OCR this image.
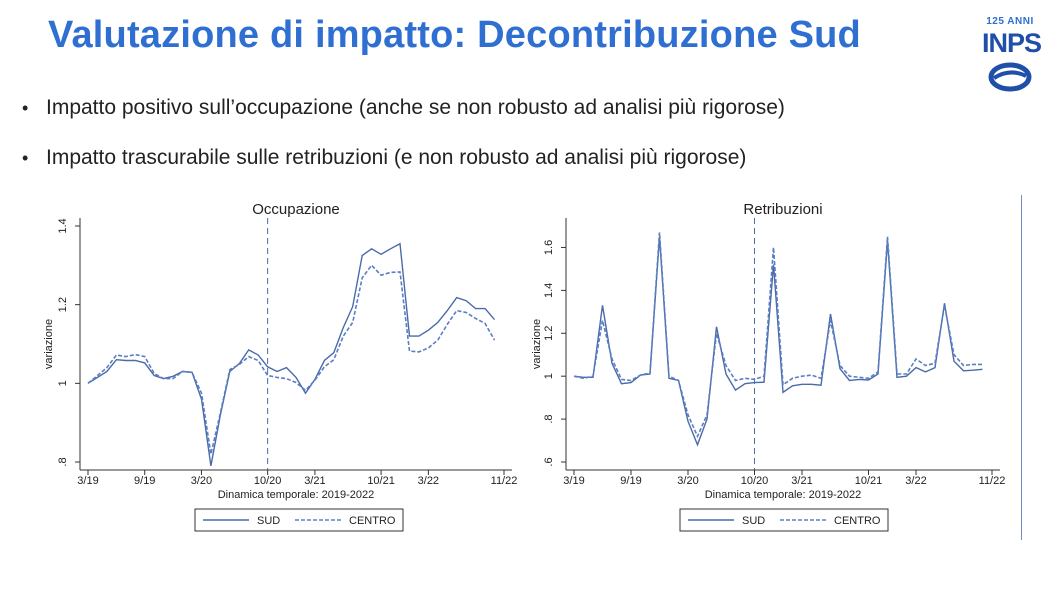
Valutazione di impatto: Decontribuzione Sud	125 ANNI
INPS
• Impatto positivo sull’occupazione (anche se non robusto ad analisi più rigorose)
• Impatto trascurabile sulle retribuzioni (e non robusto ad analisi più rigorose)
Occupazione
.8
1
1.2
1.4
variazione
3/19	9/19	3/20	10/20 3/21	10/21 3/22	11/22
Dinamica temporale: 2019-2022
SUD	CENTRO
Retribuzioni
.6
.8
1
1.2
1.4
1.6
variazione
3/19	9/19	3/20	10/20 3/21	10/21 3/22	11/22
Dinamica temporale: 2019-2022
SUD	CENTRO
